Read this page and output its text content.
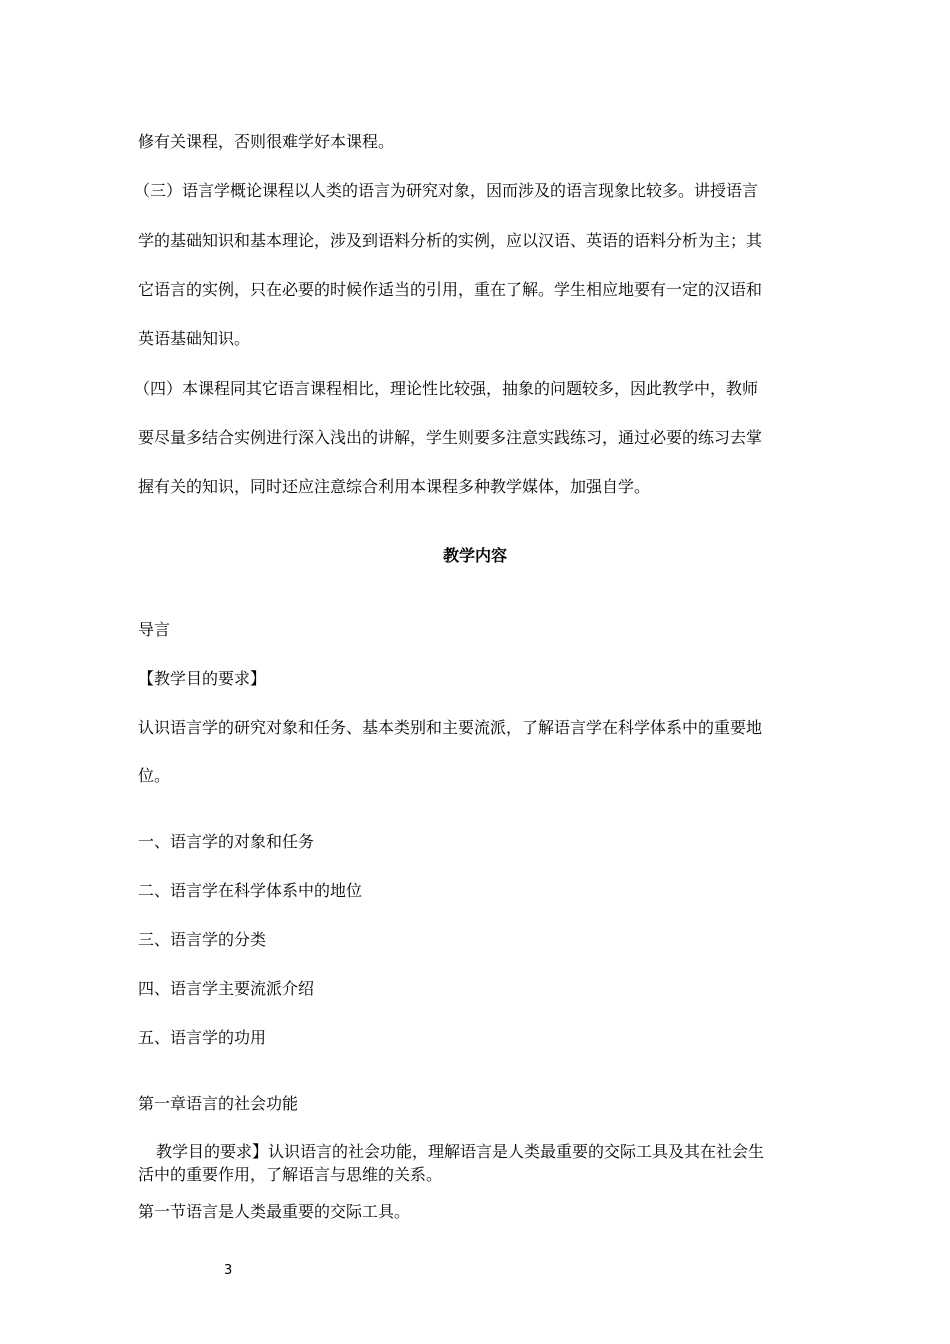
修有关课程，否则很难学好本课程。
（三）语言学概论课程以人类的语言为研究对象，因而涉及的语言现象比较多。讲授语言
学的基础知识和基本理论，涉及到语料分析的实例，应以汉语、英语的语料分析为主；其
它语言的实例，只在必要的时候作适当的引用，重在了解。学生相应地要有一定的汉语和
英语基础知识。
（四）本课程同其它语言课程相比，理论性比较强，抽象的问题较多，因此教学中，教师
要尽量多结合实例进行深入浅出的讲解，学生则要多注意实践练习，通过必要的练习去掌
握有关的知识，同时还应注意综合利用本课程多种教学媒体，加强自学。
教学内容
导言
【教学目的要求】
认识语言学的研究对象和任务、基本类别和主要流派，了解语言学在科学体系中的重要地
位。
一、语言学的对象和任务
二、语言学在科学体系中的地位
三、语言学的分类
四、语言学主要流派介绍
五、语言学的功用
第一章语言的社会功能
教学目的要求】认识语言的社会功能，理解语言是人类最重要的交际工具及其在社会生
活中的重要作用，了解语言与思维的关系。
第一节语言是人类最重要的交际工具。
3
